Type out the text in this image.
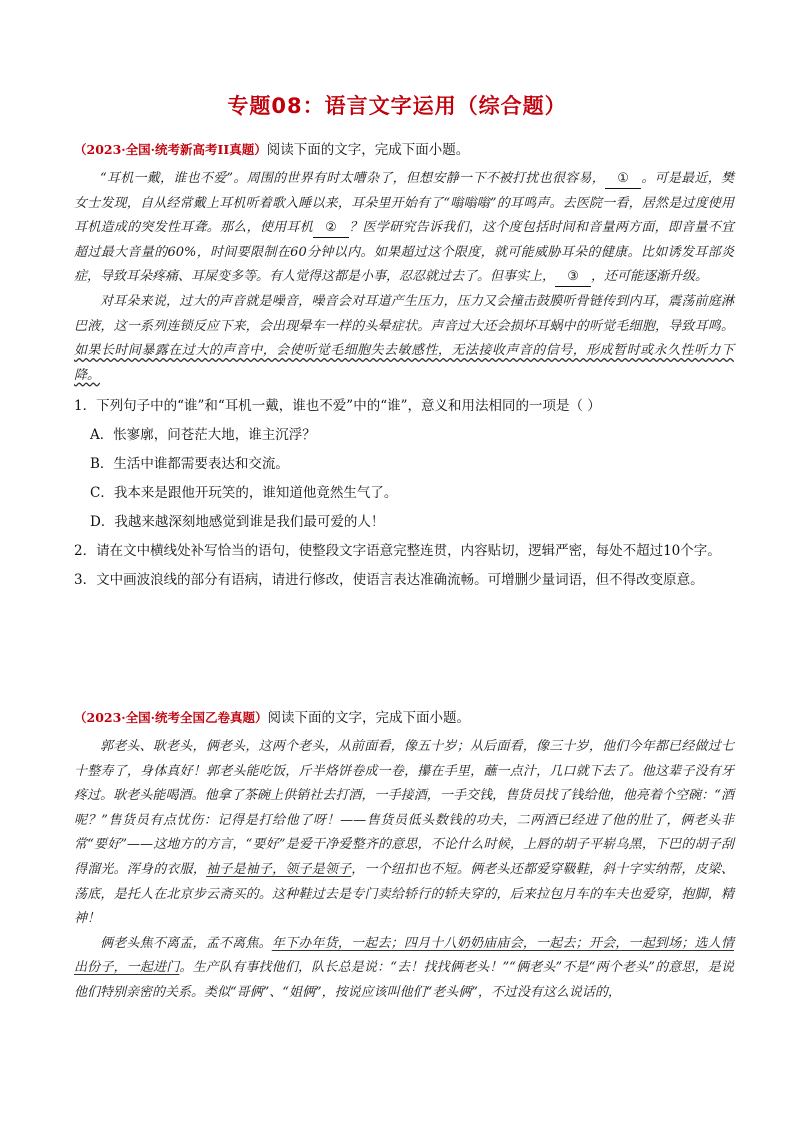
专题08：语言文字运用（综合题）
（2023·全国·统考新高考II真题）阅读下面的文字，完成下面小题。

“耳机一戴，谁也不爱”。周围的世界有时太嘈杂了，但想安静一下不被打扰也很容易， ① 。可是最近，樊女士发现，自从经常戴上耳机听着歌入睡以来，耳朵里开始有了“嗡嗡嗡”的耳鸣声。去医院一看，居然是过度使用耳机造成的突发性耳聋。那么，使用耳机 ② ？医学研究告诉我们，这个度包括时间和音量两方面，即音量不宜超过最大音量的60%，时间要限制在60分钟以内。如果超过这个限度，就可能威胁耳朵的健康。比如诱发耳部炎症，导致耳朵疼痛、耳屎变多等。有人觉得这都是小事，忍忍就过去了。但事实上， ③ ，还可能逐渐升级。

对耳朵来说，过大的声音就是噪音，噪音会对耳道产生压力，压力又会撞击鼓膜听骨链传到内耳，震荡前庭淋巴液，这一系列连锁反应下来，会出现晕车一样的头晕症状。声音过大还会损坏耳蜗中的听觉毛细胞，导致耳鸣。如果长时间暴露在过大的声音中，会使听觉毛细胞失去敏感性，无法接收声音的信号，形成暂时或永久性听力下降。

1．下列句子中的“谁”和“耳机一戴，谁也不爱”中的“谁”，意义和用法相同的一项是（ ）

A．怅寥廓，问苍茫大地，谁主沉浮？

B．生活中谁都需要表达和交流。

C．我本来是跟他开玩笑的，谁知道他竟然生气了。

D．我越来越深刻地感觉到谁是我们最可爱的人！

2．请在文中横线处补写恰当的语句，使整段文字语意完整连贯，内容贴切，逻辑严密，每处不超过10个字。

3．文中画波浪线的部分有语病，请进行修改，使语言表达准确流畅。可增删少量词语，但不得改变原意。

（2023·全国·统考全国乙卷真题）阅读下面的文字，完成下面小题。

郭老头、耿老头，俩老头，这两个老头，从前面看，像五十岁；从后面看，像三十岁，他们今年都已经做过七十整寿了，身体真好！郭老头能吃饭，斤半烙饼卷成一卷，攥在手里，蘸一点汁，几口就下去了。他这辈子没有牙疼过。耿老头能喝酒。他拿了茶碗上供销社去打酒，一手接酒，一手交钱，售货员找了钱给他，他亮着个空碗：“酒呢？”售货员有点忧伤：记得是打给他了呀！——售货员低头数钱的功夫，二两酒已经进了他的肚了，俩老头非常“要好”——这地方的方言，“要好”是爱干净爱整齐的意思，不论什么时候，上唇的胡子平崭乌黑，下巴的胡子刮得溜光。浑身的衣服，袖子是袖子，领子是领子，一个纽扣也不短。俩老头还都爱穿靸鞋，斜十字实纳帮，皮梁、荡底，是托人在北京步云斋买的。这种鞋过去是专门卖给轿行的轿夫穿的，后来拉包月车的车夫也爱穿，抱脚，精神！

俩老头焦不离孟，孟不离焦。年下办年货，一起去；四月十八奶奶庙庙会，一起去；开会，一起到场；选人情出份子，一起进门。生产队有事找他们，队长总是说：“去！找找俩老头！”“俩老头”不是“两个老头”的意思，是说他们特别亲密的关系。类似“哥俩”、“姐俩”，按说应该叫他们“老头俩”，不过没有这么说话的，
